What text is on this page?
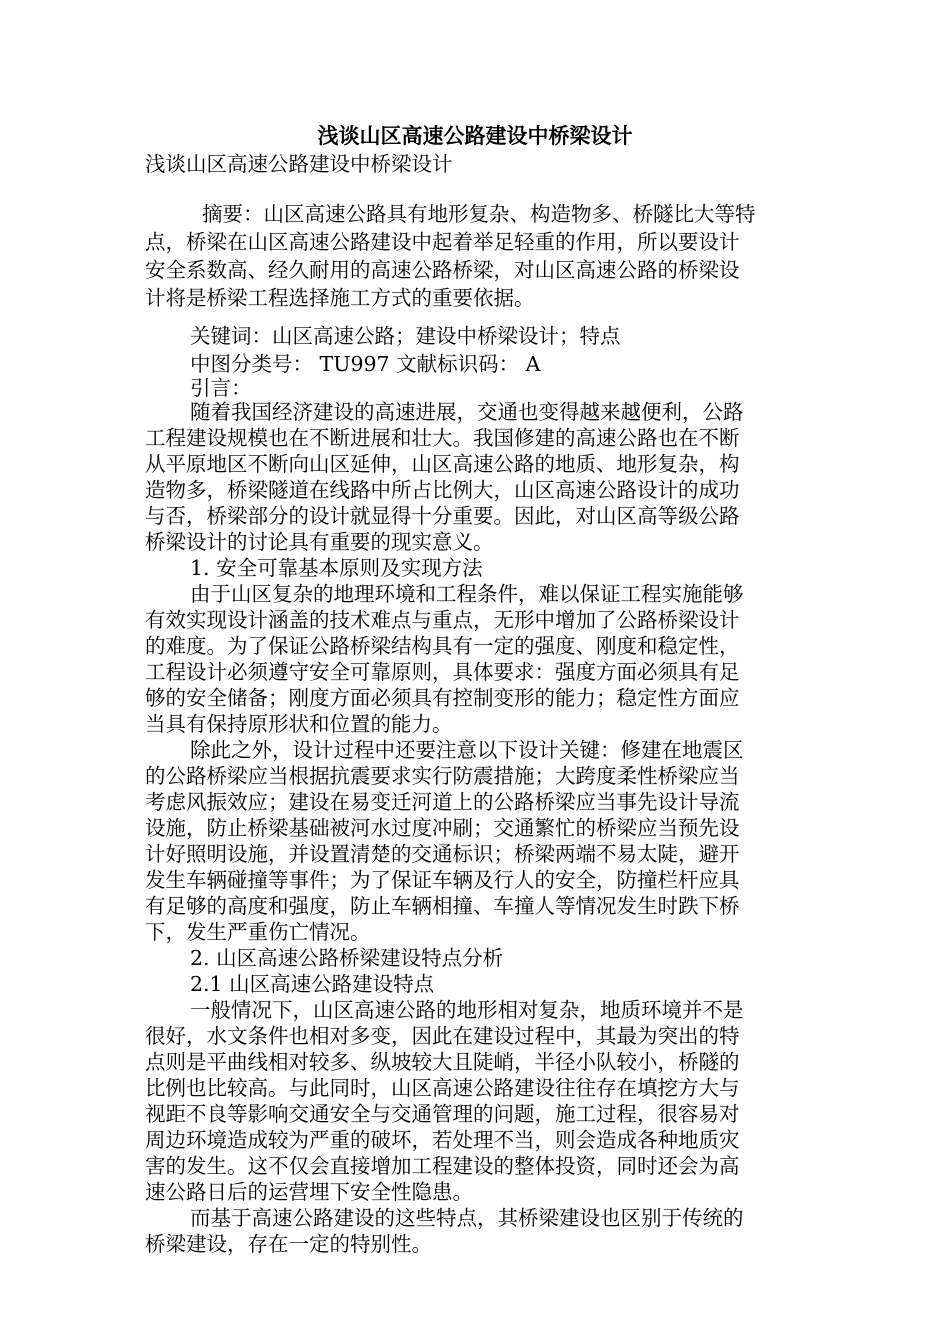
浅谈山区高速公路建设中桥梁设计
浅谈山区高速公路建设中桥梁设计
摘要：山区高速公路具有地形复杂、构造物多、桥隧比大等特
点，桥梁在山区高速公路建设中起着举足轻重的作用，所以要设计
安全系数高、经久耐用的高速公路桥梁，对山区高速公路的桥梁设
计将是桥梁工程选择施工方式的重要依据。
关键词：山区高速公路；建设中桥梁设计；特点
中图分类号： TU997 文献标识码： A
引言：
随着我国经济建设的高速进展，交通也变得越来越便利，公路
工程建设规模也在不断进展和壮大。我国修建的高速公路也在不断
从平原地区不断向山区延伸，山区高速公路的地质、地形复杂，构
造物多，桥梁隧道在线路中所占比例大，山区高速公路设计的成功
与否，桥梁部分的设计就显得十分重要。因此，对山区高等级公路
桥梁设计的讨论具有重要的现实意义。
1. 安全可靠基本原则及实现方法
由于山区复杂的地理环境和工程条件，难以保证工程实施能够
有效实现设计涵盖的技术难点与重点，无形中增加了公路桥梁设计
的难度。为了保证公路桥梁结构具有一定的强度、刚度和稳定性，
工程设计必须遵守安全可靠原则，具体要求：强度方面必须具有足
够的安全储备；刚度方面必须具有控制变形的能力；稳定性方面应
当具有保持原形状和位置的能力。
除此之外，设计过程中还要注意以下设计关键：修建在地震区
的公路桥梁应当根据抗震要求实行防震措施；大跨度柔性桥梁应当
考虑风振效应；建设在易变迁河道上的公路桥梁应当事先设计导流
设施，防止桥梁基础被河水过度冲刷；交通繁忙的桥梁应当预先设
计好照明设施，并设置清楚的交通标识；桥梁两端不易太陡，避开
发生车辆碰撞等事件；为了保证车辆及行人的安全，防撞栏杆应具
有足够的高度和强度，防止车辆相撞、车撞人等情况发生时跌下桥
下，发生严重伤亡情况。
2. 山区高速公路桥梁建设特点分析
2.1 山区高速公路建设特点
一般情况下，山区高速公路的地形相对复杂，地质环境并不是
很好，水文条件也相对多变，因此在建设过程中，其最为突出的特
点则是平曲线相对较多、纵坡较大且陡峭，半径小队较小，桥隧的
比例也比较高。与此同时，山区高速公路建设往往存在填挖方大与
视距不良等影响交通安全与交通管理的问题，施工过程，很容易对
周边环境造成较为严重的破坏，若处理不当，则会造成各种地质灾
害的发生。这不仅会直接增加工程建设的整体投资，同时还会为高
速公路日后的运营埋下安全性隐患。
而基于高速公路建设的这些特点，其桥梁建设也区别于传统的
桥梁建设，存在一定的特别性。
